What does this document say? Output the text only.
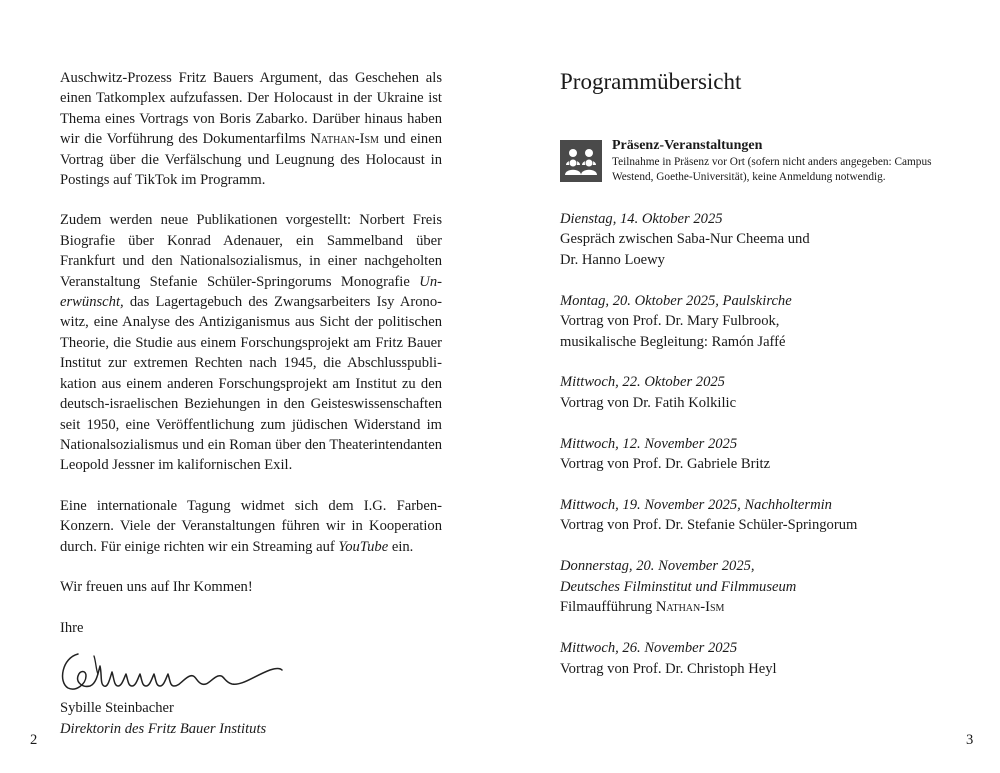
Auschwitz-Prozess Fritz Bauers Argument, das Geschehen als einen Tatkomplex aufzufassen. Der Holocaust in der Ukraine ist Thema eines Vortrags von Boris Zabarko. Darüber hinaus haben wir die Vorführung des Dokumentarfilms Nathan-Ism und einen Vortrag über die Verfälschung und Leugnung des Holocaust in Postings auf TikTok im Programm.

Zudem werden neue Publikationen vorgestellt: Norbert Freis Biografie über Konrad Adenauer, ein Sammelband über Frankfurt und den Nationalsozialismus, in einer nachgeholten Veranstaltung Stefanie Schüler-Springorums Monografie Unerwünscht, das Lagertagebuch des Zwangsarbeiters Isy Aronowitz, eine Analyse des Antiziganismus aus Sicht der politischen Theorie, die Studie aus einem Forschungsprojekt am Fritz Bauer Institut zur extremen Rechten nach 1945, die Abschlusspublikation aus einem anderen Forschungsprojekt am Institut zu den deutsch-israelischen Beziehungen in den Geisteswissenschaften seit 1950, eine Veröffentlichung zum jüdischen Widerstand im Nationalsozialismus und ein Roman über den Theaterintendanten Leopold Jessner im kalifornischen Exil.

Eine internationale Tagung widmet sich dem I.G. Farben-Konzern. Viele der Veranstaltungen führen wir in Kooperation durch. Für einige richten wir ein Streaming auf YouTube ein.

Wir freuen uns auf Ihr Kommen!

Ihre
Sybille Steinbacher
Direktorin des Fritz Bauer Instituts
2
Programmübersicht
Präsenz-Veranstaltungen
Teilnahme in Präsenz vor Ort (sofern nicht anders angegeben: Campus Westend, Goethe-Universität), keine Anmeldung notwendig.
Dienstag, 14. Oktober 2025
Gespräch zwischen Saba-Nur Cheema und
Dr. Hanno Loewy
Montag, 20. Oktober 2025, Paulskirche
Vortrag von Prof. Dr. Mary Fulbrook,
musikalische Begleitung: Ramón Jaffé
Mittwoch, 22. Oktober 2025
Vortrag von Dr. Fatih Kolkilic
Mittwoch, 12. November 2025
Vortrag von Prof. Dr. Gabriele Britz
Mittwoch, 19. November 2025, Nachholtermin
Vortrag von Prof. Dr. Stefanie Schüler-Springorum
Donnerstag, 20. November 2025,
Deutsches Filminstitut und Filmmuseum
Filmaufführung Nathan-Ism
Mittwoch, 26. November 2025
Vortrag von Prof. Dr. Christoph Heyl
3
